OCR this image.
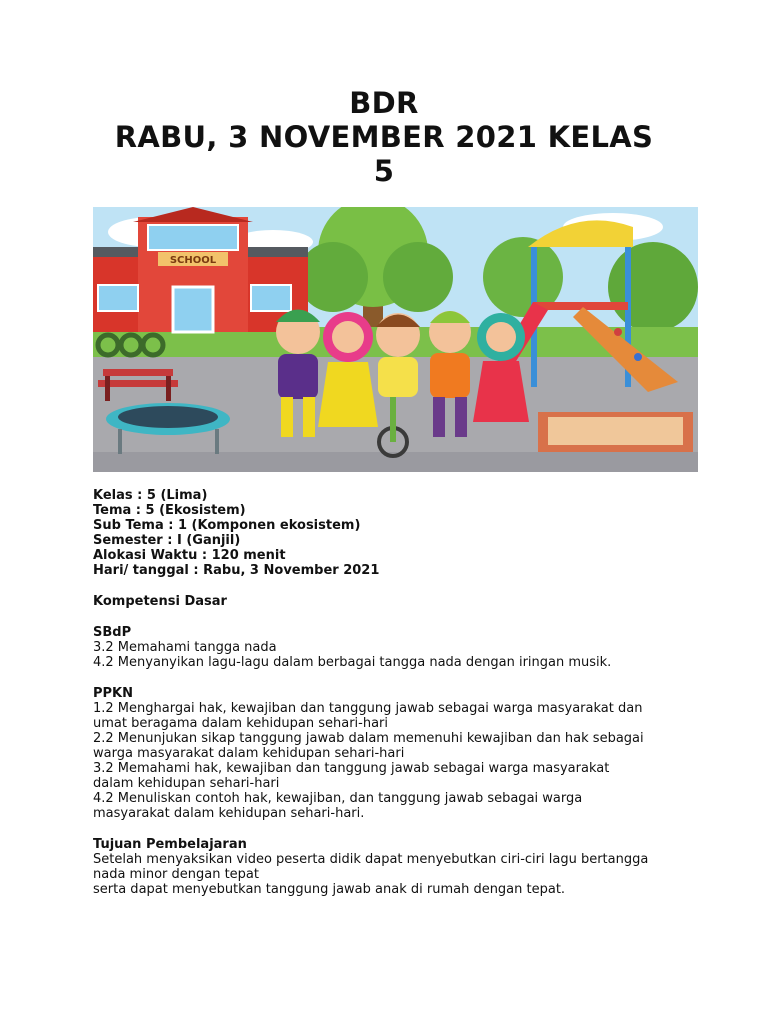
BDR
RABU, 3 NOVEMBER 2021 KELAS
5
SCHOOL
Kelas : 5 (Lima)
Tema : 5 (Ekosistem)
Sub Tema : 1 (Komponen ekosistem)
Semester : I (Ganjil)
Alokasi Waktu : 120 menit
Hari/ tanggal : Rabu, 3 November 2021
Kompetensi Dasar
SBdP
3.2 Memahami tangga nada
4.2 Menyanyikan lagu-lagu dalam berbagai tangga nada dengan iringan musik.
PPKN
1.2 Menghargai hak, kewajiban dan tanggung jawab sebagai warga masyarakat dan
umat beragama dalam kehidupan sehari-hari
2.2 Menunjukan sikap tanggung jawab dalam memenuhi kewajiban dan hak sebagai
warga masyarakat dalam kehidupan sehari-hari
3.2 Memahami hak, kewajiban dan tanggung jawab sebagai warga masyarakat
dalam kehidupan sehari-hari
4.2 Menuliskan contoh hak, kewajiban, dan tanggung jawab sebagai warga
masyarakat dalam kehidupan sehari-hari.
Tujuan Pembelajaran
Setelah menyaksikan video peserta didik dapat menyebutkan ciri-ciri lagu bertangga
nada minor dengan tepat
serta dapat menyebutkan tanggung jawab anak di rumah dengan tepat.
